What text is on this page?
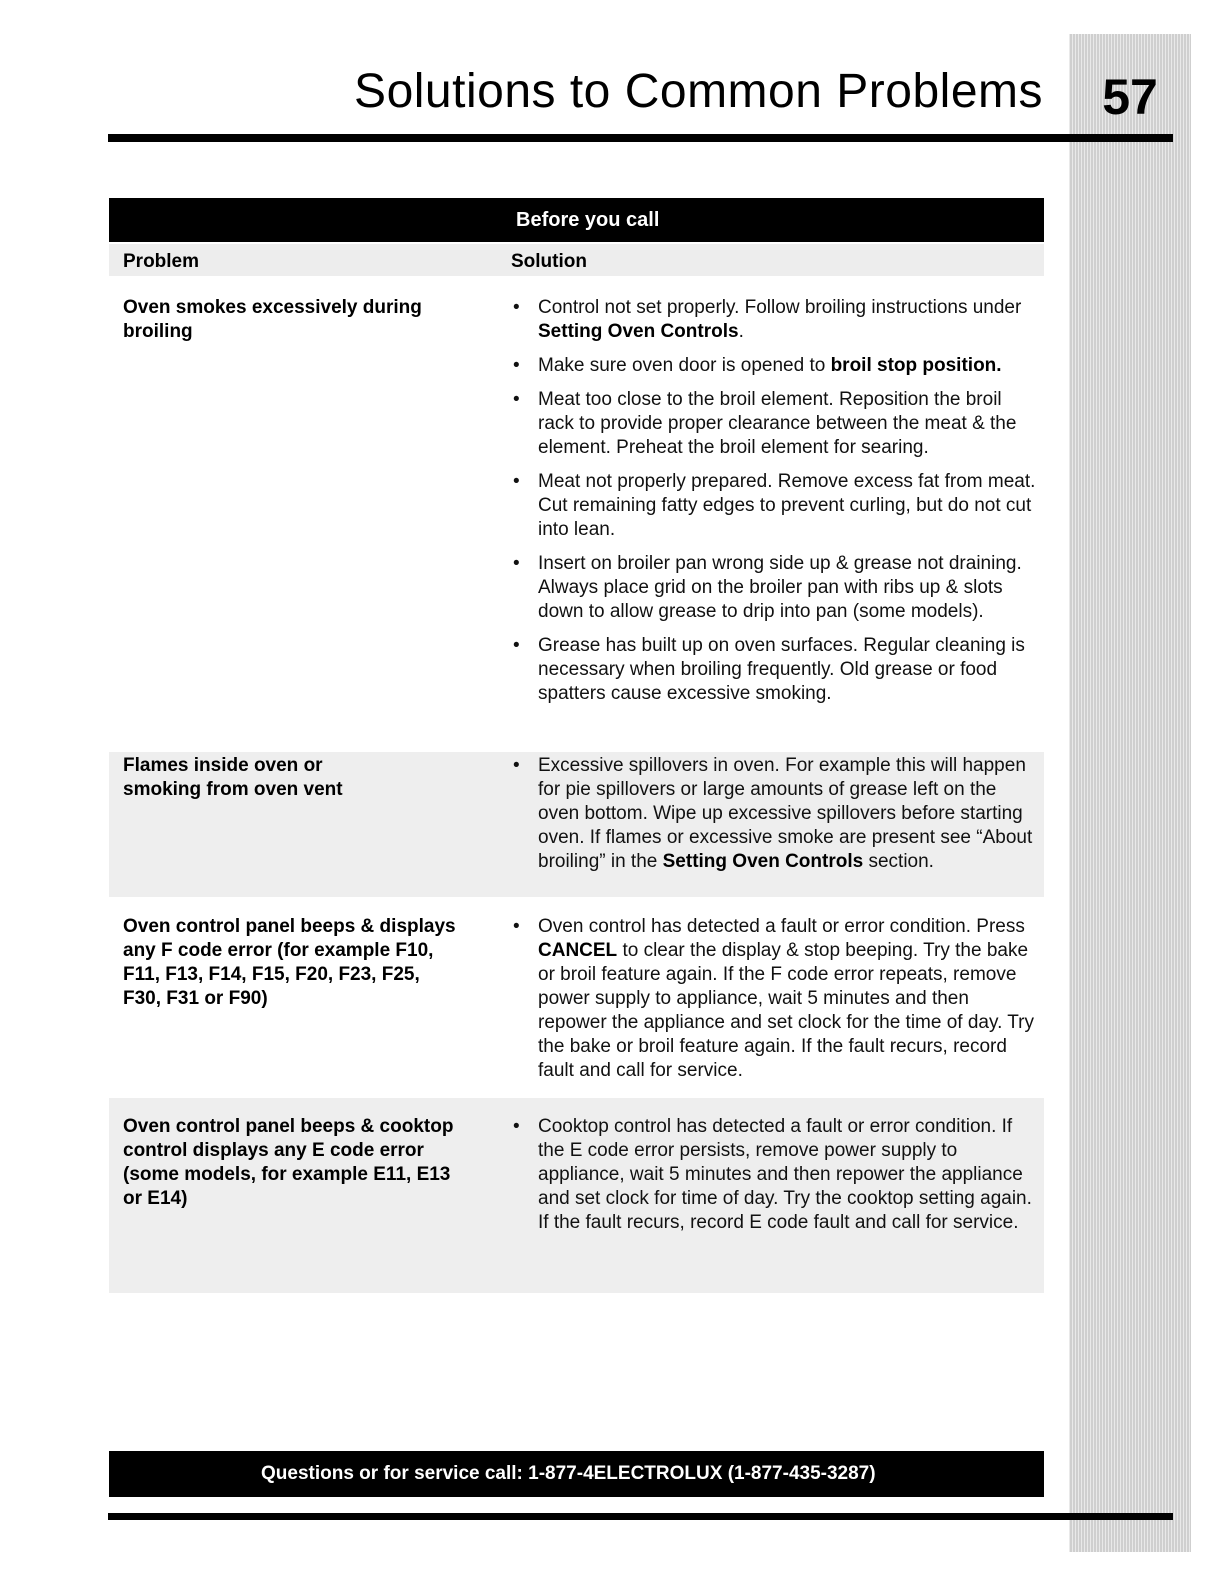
Solutions to Common Problems	57
Before you call
Problem	Solution
Oven smokes excessively during
broiling
• Control not set properly. Follow broiling instructions under Setting Oven Controls.
• Make sure oven door is opened to broil stop position.
• Meat too close to the broil element. Reposition the broil rack to provide proper clearance between the meat & the element. Preheat the broil element for searing.
• Meat not properly prepared. Remove excess fat from meat. Cut remaining fatty edges to prevent curling, but do not cut into lean.
• Insert on broiler pan wrong side up & grease not draining. Always place grid on the broiler pan with ribs up & slots down to allow grease to drip into pan (some models).
• Grease has built up on oven surfaces. Regular cleaning is necessary when broiling frequently. Old grease or food spatters cause excessive smoking.
Flames inside oven or
smoking from oven vent
• Excessive spillovers in oven. For example this will happen for pie spillovers or large amounts of grease left on the oven bottom. Wipe up excessive spillovers before starting oven. If flames or excessive smoke are present see “About broiling” in the Setting Oven Controls section.
Oven control panel beeps & displays
any F code error (for example F10,
F11, F13, F14, F15, F20, F23, F25,
F30, F31 or F90)
• Oven control has detected a fault or error condition. Press CANCEL to clear the display & stop beeping. Try the bake or broil feature again. If the F code error repeats, remove power supply to appliance, wait 5 minutes and then repower the appliance and set clock for the time of day. Try the bake or broil feature again. If the fault recurs, record fault and call for service.
Oven control panel beeps & cooktop
control displays any E code error
(some models, for example E11, E13
or E14)
• Cooktop control has detected a fault or error condition. If the E code error persists, remove power supply to appliance, wait 5 minutes and then repower the appliance and set clock for time of day. Try the cooktop setting again. If the fault recurs, record E code fault and call for service.
Questions or for service call: 1-877-4ELECTROLUX (1-877-435-3287)
